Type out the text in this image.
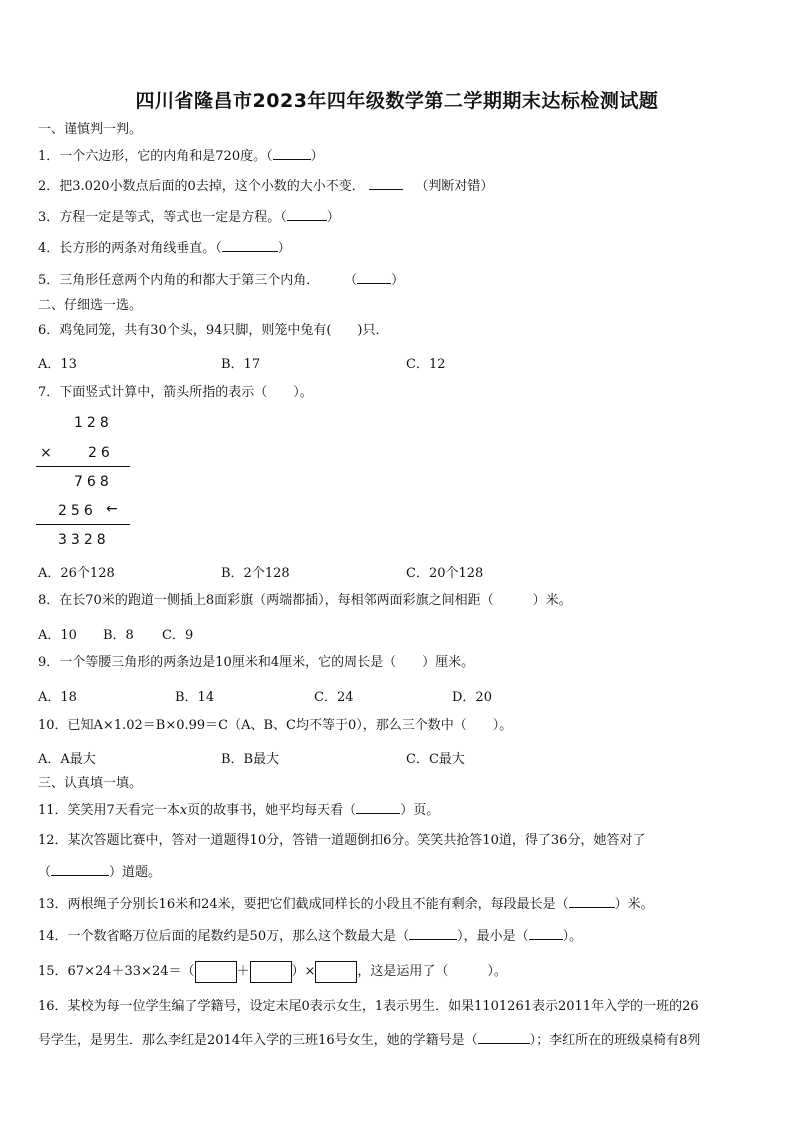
四川省隆昌市2023年四年级数学第二学期期末达标检测试题
一、谨慎判一判。
1．一个六边形，它的内角和是720度。（	）
2．把3.020小数点后面的0去掉，这个小数的大小不变．	（判断对错）
3．方程一定是等式，等式也一定是方程。（	）
4．长方形的两条对角线垂直。（	）
5．三角形任意两个内角的和都大于第三个内角． （	）
二、仔细选一选。
6．鸡兔同笼，共有30个头，94只脚，则笼中兔有(　　)只．
A．13	B．17	C．12
7．下面竖式计算中，箭头所指的表示（　　）。
128
× 26
768
256 ←
3328
A．26个128	B．2个128	C．20个128
8．在长70米的跑道一侧插上8面彩旗（两端都插），每相邻两面彩旗之间相距（　　　）米。
A．10 B．8 C．9
9．一个等腰三角形的两条边是10厘米和4厘米，它的周长是（　　）厘米。
A．18	B．14	C．24	D．20
10．已知A×1.02＝B×0.99＝C（A、B、C均不等于0），那么三个数中（　　）。
A．A最大	B．B最大	C．C最大
三、认真填一填。
11．笑笑用7天看完一本x页的故事书，她平均每天看（	）页。
12．某次答题比赛中，答对一道题得10分，答错一道题倒扣6分。笑笑共抢答10道，得了36分，她答对了
（	）道题。
13．两根绳子分别长16米和24米，要把它们截成同样长的小段且不能有剩余，每段最长是（	）米。
14．一个数省略万位后面的尾数约是50万，那么这个数最大是（	），最小是（	）。
15．67×24＋33×24＝（	＋	）×	，这是运用了（　　　）。
16．某校为每一位学生编了学籍号，设定末尾0表示女生，1表示男生．如果1101261表示2011年入学的一班的26
号学生，是男生．那么李红是2014年入学的三班16号女生，她的学籍号是（	）；李红所在的班级桌椅有8列
